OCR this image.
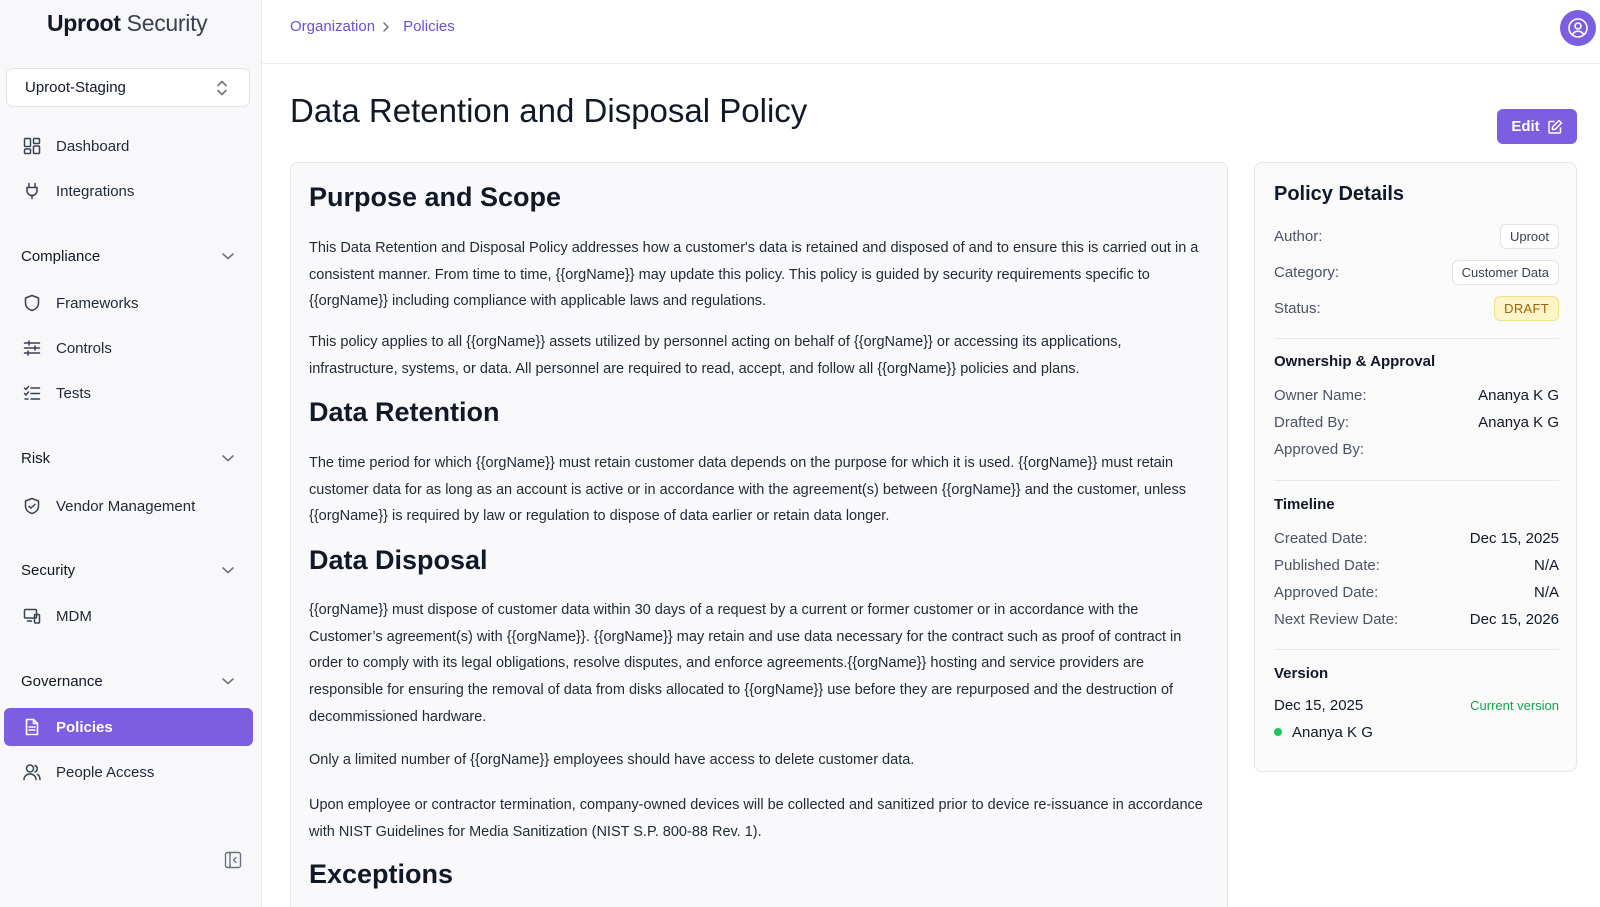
Uproot Security
Uproot-Staging
Dashboard
Integrations
Compliance
Frameworks
Controls
Tests
Risk
Vendor Management
Security
MDM
Governance
Policies
People Access
Organization Policies
Data Retention and Disposal Policy	Edit
Purpose and Scope

This Data Retention and Disposal Policy addresses how a customer's data is retained and disposed of and to ensure this is carried out in a consistent manner. From time to time, {{orgName}} may update this policy. This policy is guided by security requirements specific to {{orgName}} including compliance with applicable laws and regulations.

This policy applies to all {{orgName}} assets utilized by personnel acting on behalf of {{orgName}} or accessing its applications, infrastructure, systems, or data. All personnel are required to read, accept, and follow all {{orgName}} policies and plans.

Data Retention

The time period for which {{orgName}} must retain customer data depends on the purpose for which it is used. {{orgName}} must retain customer data for as long as an account is active or in accordance with the agreement(s) between {{orgName}} and the customer, unless {{orgName}} is required by law or regulation to dispose of data earlier or retain data longer.

Data Disposal

{{orgName}} must dispose of customer data within 30 days of a request by a current or former customer or in accordance with the Customer’s agreement(s) with {{orgName}}. {{orgName}} may retain and use data necessary for the contract such as proof of contract in order to comply with its legal obligations, resolve disputes, and enforce agreements.{{orgName}} hosting and service providers are responsible for ensuring the removal of data from disks allocated to {{orgName}} use before they are repurposed and the destruction of decommissioned hardware.

Only a limited number of {{orgName}} employees should have access to delete customer data.

Upon employee or contractor termination, company-owned devices will be collected and sanitized prior to device re-issuance in accordance with NIST Guidelines for Media Sanitization (NIST S.P. 800-88 Rev. 1).

Exceptions
Policy Details
Author:	Uproot
Category:	Customer Data
Status:	DRAFT
Ownership & Approval
Owner Name:	Ananya K G
Drafted By:	Ananya K G
Approved By:
Timeline
Created Date:	Dec 15, 2025
Published Date:	N/A
Approved Date:	N/A
Next Review Date:	Dec 15, 2026
Version
Dec 15, 2025	Current version
Ananya K G
